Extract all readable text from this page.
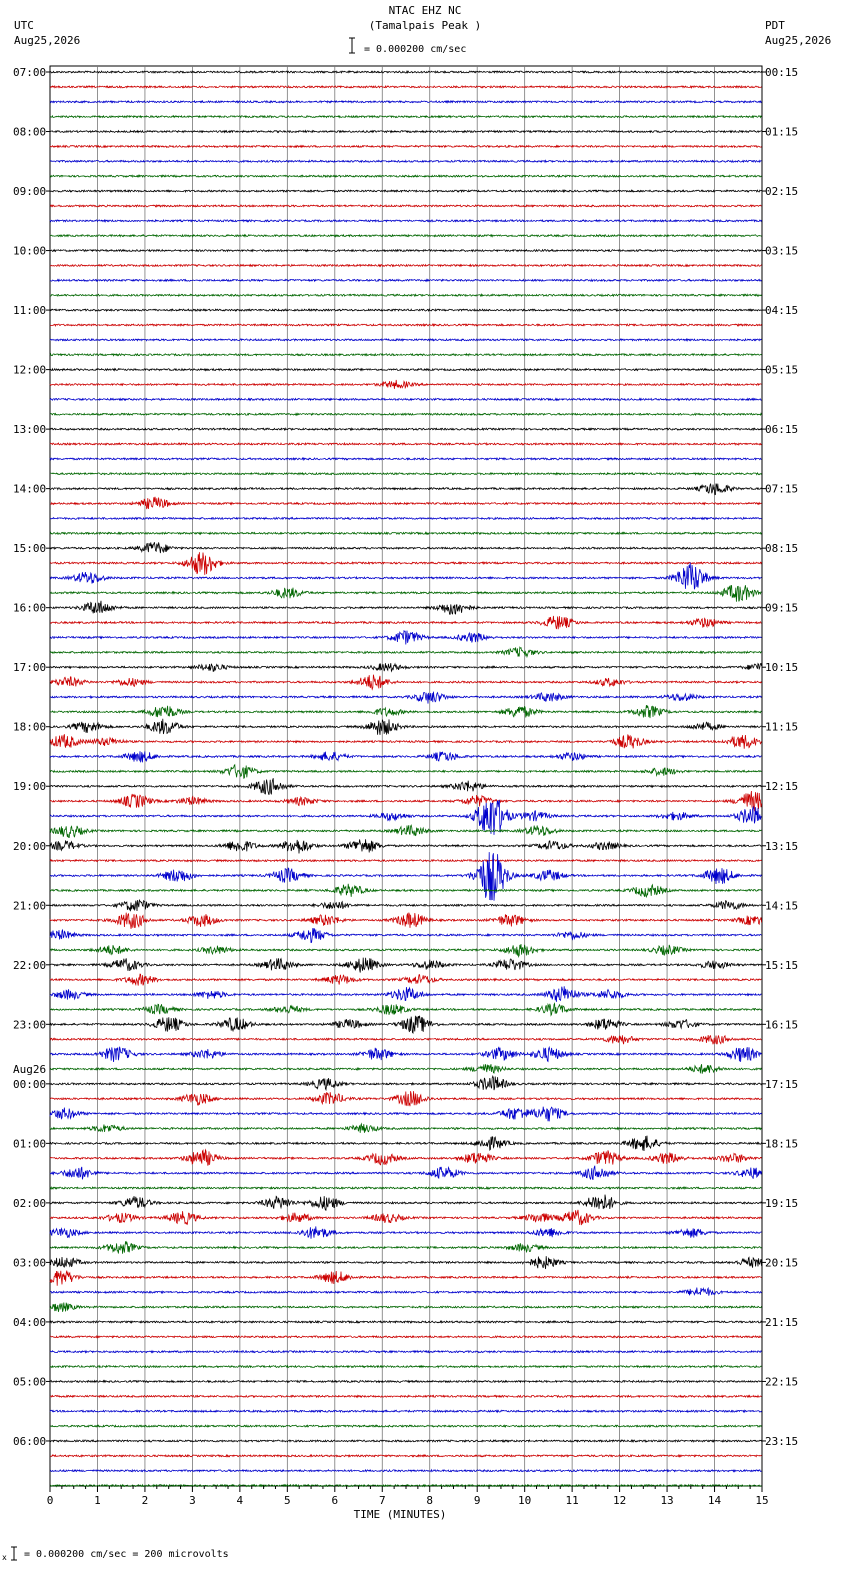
NTAC EHZ NC
(Tamalpais Peak )
= 0.000200 cm/sec
UTC
Aug25,2026
PDT
Aug25,2026
x
07:00	00:15
08:00	01:15
09:00	02:15
10:00	03:15
11:00	04:15
12:00	05:15
13:00	06:15
14:00	07:15
15:00	08:15
16:00	09:15
17:00	10:15
18:00	11:15
19:00	12:15
20:00	13:15
21:00	14:15
22:00	15:15
23:00	16:15
00:00	17:15
01:00	18:15
02:00	19:15
03:00	20:15
04:00	21:15
05:00	22:15
06:00	23:15
Aug26
0	1	2	3	4	5	6	7	8	9	10	11	12	13	14	15
TIME (MINUTES)
= 0.000200 cm/sec = 200 microvolts
